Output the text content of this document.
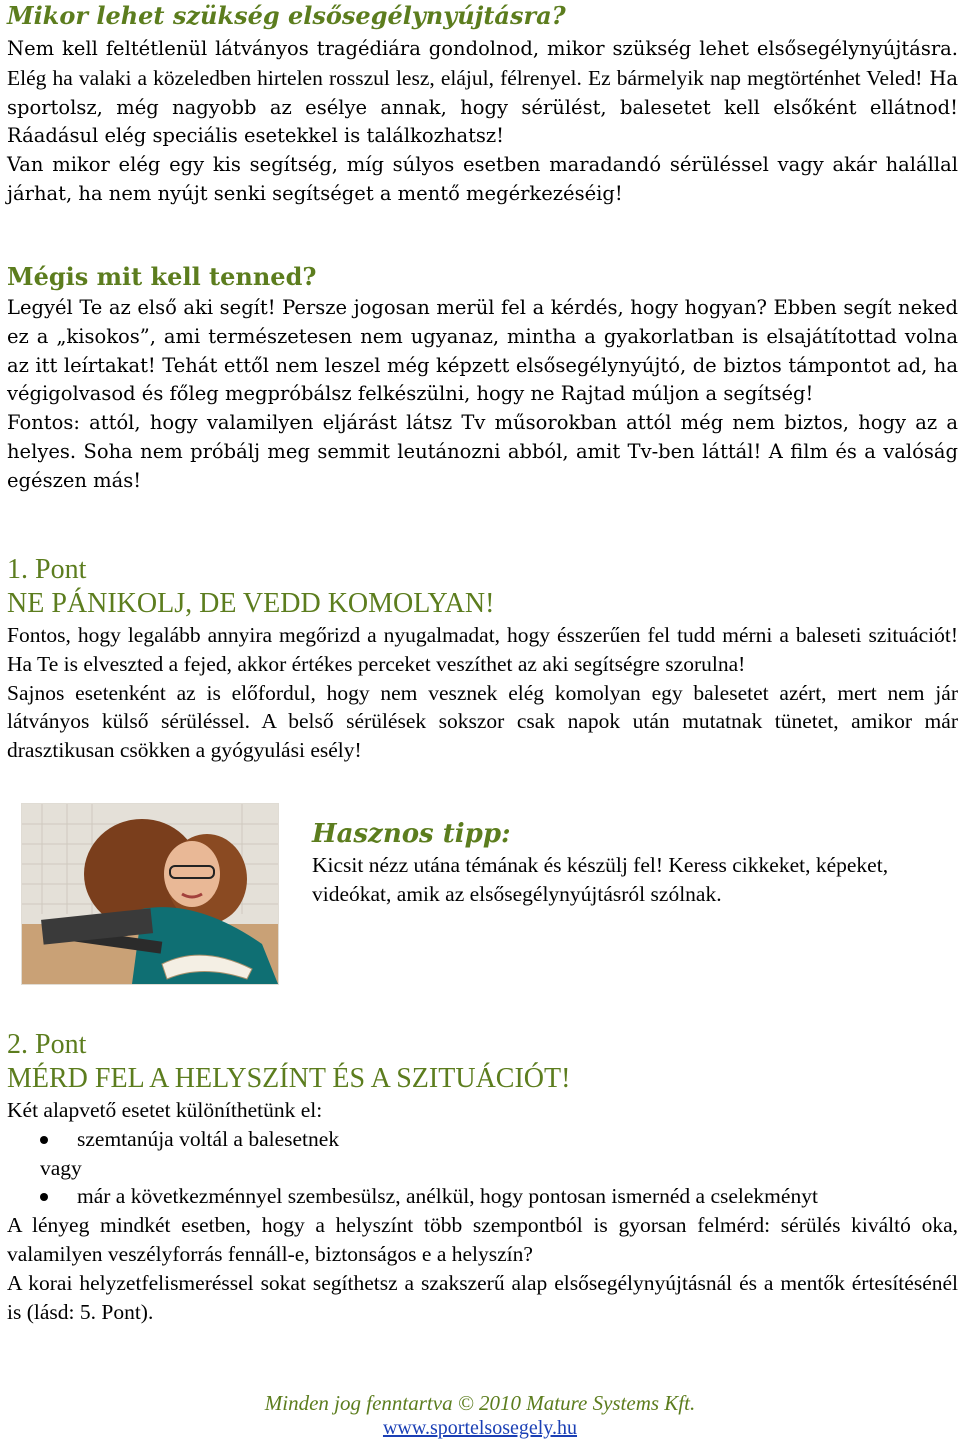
Mikor lehet szükség elsősegélynyújtásra?

Nem kell feltétlenül látványos tragédiára gondolnod, mikor szükség lehet elsősegélynyújtásra. Elég ha valaki a közeledben hirtelen rosszul lesz, elájul, félrenyel. Ez bármelyik nap megtörténhet Veled! Ha sportolsz, még nagyobb az esélye annak, hogy sérülést, balesetet kell elsőként ellátnod! Ráadásul elég speciális esetekkel is találkozhatsz!

Van mikor elég egy kis segítség, míg súlyos esetben maradandó sérüléssel vagy akár halállal járhat, ha nem nyújt senki segítséget a mentő megérkezéséig!

Mégis mit kell tenned?

Legyél Te az első aki segít! Persze jogosan merül fel a kérdés, hogy hogyan? Ebben segít neked ez a „kisokos”, ami természetesen nem ugyanaz, mintha a gyakorlatban is elsajátítottad volna az itt leírtakat! Tehát ettől nem leszel még képzett elsősegélynyújtó, de biztos támpontot ad, ha végigolvasod és főleg megpróbálsz felkészülni, hogy ne Rajtad múljon a segítség!

Fontos: attól, hogy valamilyen eljárást látsz Tv műsorokban attól még nem biztos, hogy az a helyes. Soha nem próbálj meg semmit leutánozni abból, amit Tv-ben láttál! A film és a valóság egészen más!

1. Pont
NE PÁNIKOLJ, DE VEDD KOMOLYAN!

Fontos, hogy legalább annyira megőrizd a nyugalmadat, hogy ésszerűen fel tudd mérni a baleseti szituációt! Ha Te is elveszted a fejed, akkor értékes perceket veszíthet az aki segítségre szorulna!

Sajnos esetenként az is előfordul, hogy nem vesznek elég komolyan egy balesetet azért, mert nem jár látványos külső sérüléssel. A belső sérülések sokszor csak napok után mutatnak tünetet, amikor már drasztikusan csökken a gyógyulási esély!

Hasznos tipp:

Kicsit nézz utána témának és készülj fel! Keress cikkeket, képeket, videókat, amik az elsősegélynyújtásról szólnak.

2. Pont
MÉRD FEL A HELYSZÍNT ÉS A SZITUÁCIÓT!

Két alapvető esetet különíthetünk el:

szemtanúja voltál a balesetnek

vagy

már a következménnyel szembesülsz, anélkül, hogy pontosan ismernéd a cselekményt

A lényeg mindkét esetben, hogy a helyszínt több szempontból is gyorsan felmérd: sérülés kiváltó oka, valamilyen veszélyforrás fennáll-e, biztonságos e a helyszín?

A korai helyzetfelismeréssel sokat segíthetsz a szakszerű alap elsősegélynyújtásnál és a mentők értesítésénél is (lásd: 5. Pont).

Minden jog fenntartva © 2010 Mature Systems Kft.
www.sportelsosegely.hu
